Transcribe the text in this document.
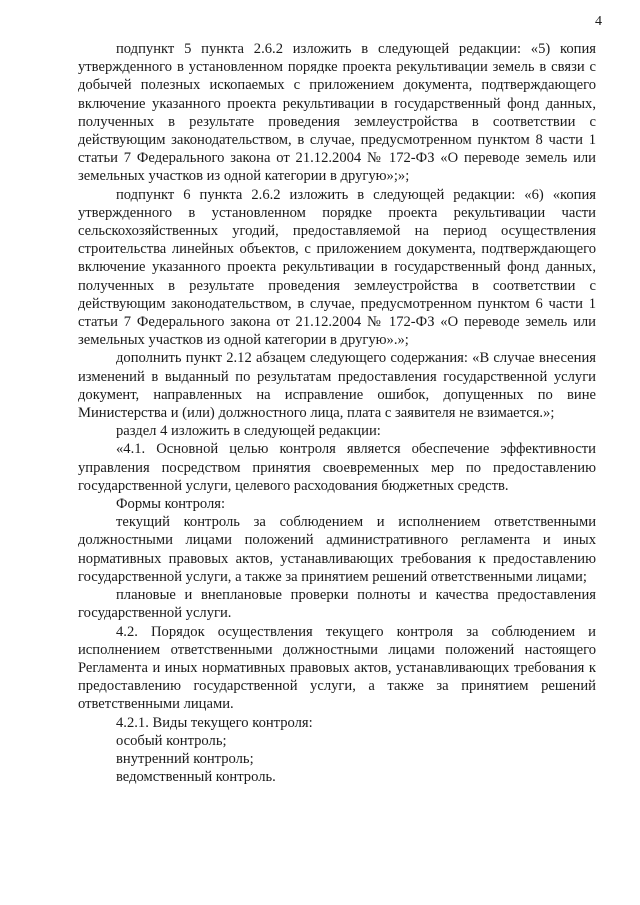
4

подпункт 5 пункта 2.6.2 изложить в следующей редакции: «5) копия утвержденного в установленном порядке проекта рекультивации земель в связи с добычей полезных ископаемых с приложением документа, подтверждающего включение указанного проекта рекультивации в государственный фонд данных, полученных в результате проведения землеустройства в соответствии с действующим законодательством, в случае, предусмотренном пунктом 8 части 1 статьи 7 Федерального закона от 21.12.2004 № 172-ФЗ «О переводе земель или земельных участков из одной категории в другую»;»;

подпункт 6 пункта 2.6.2 изложить в следующей редакции: «6) «копия утвержденного в установленном порядке проекта рекультивации части сельскохозяйственных угодий, предоставляемой на период осуществления строительства линейных объектов, с приложением документа, подтверждающего включение указанного проекта рекультивации в государственный фонд данных, полученных в результате проведения землеустройства в соответствии с действующим законодательством, в случае, предусмотренном пунктом 6 части 1 статьи 7 Федерального закона от 21.12.2004 № 172-ФЗ «О переводе земель или земельных участков из одной категории в другую».»;

дополнить пункт 2.12 абзацем следующего содержания: «В случае внесения изменений в выданный по результатам предоставления государственной услуги документ, направленных на исправление ошибок, допущенных по вине Министерства и (или) должностного лица, плата с заявителя не взимается.»;

раздел 4 изложить в следующей редакции:

«4.1. Основной целью контроля является обеспечение эффективности управления посредством принятия своевременных мер по предоставлению государственной услуги, целевого расходования бюджетных средств.

Формы контроля:

текущий контроль за соблюдением и исполнением ответственными должностными лицами положений административного регламента и иных нормативных правовых актов, устанавливающих требования к предоставлению государственной услуги, а также за принятием решений ответственными лицами;

плановые и внеплановые проверки полноты и качества предоставления государственной услуги.

4.2. Порядок осуществления текущего контроля за соблюдением и исполнением ответственными должностными лицами положений настоящего Регламента и иных нормативных правовых актов, устанавливающих требования к предоставлению государственной услуги, а также за принятием решений ответственными лицами.

4.2.1. Виды текущего контроля:

особый контроль;

внутренний контроль;

ведомственный контроль.
